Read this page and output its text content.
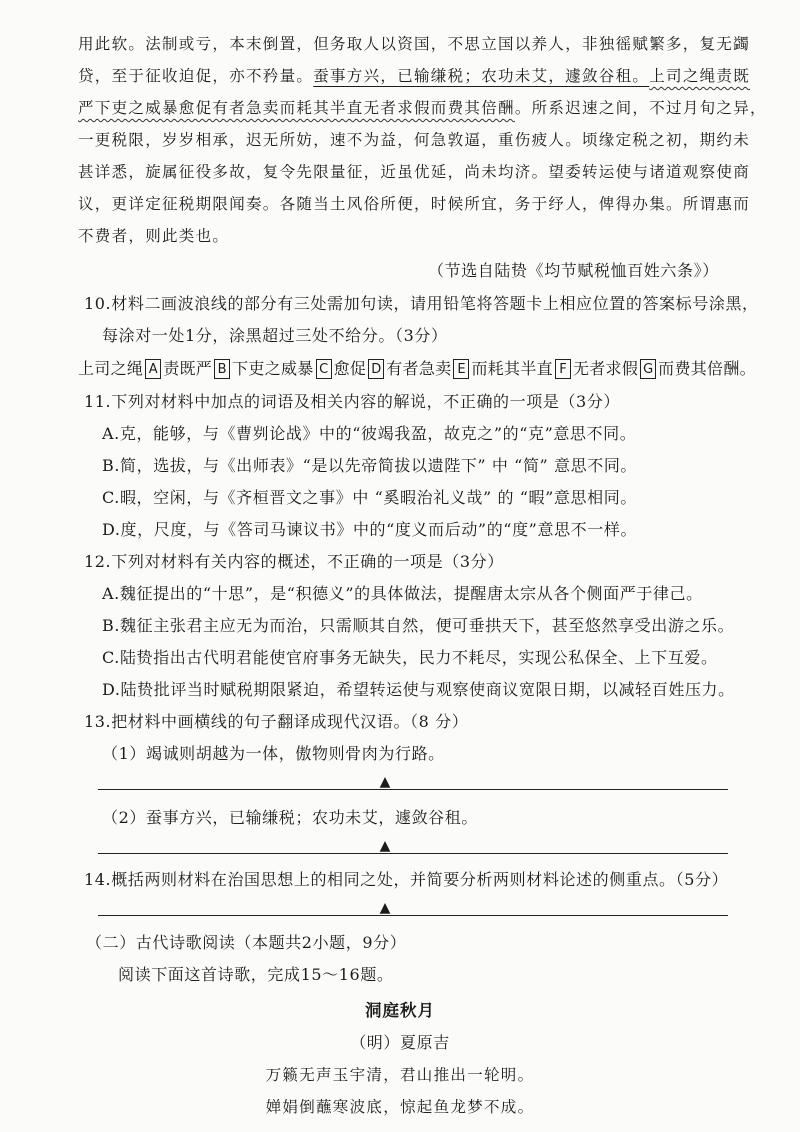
用此软。法制或亏，本末倒置，但务取人以资国，不思立国以养人，非独徭赋繁多，复无蠲
贷，至于征收迫促，亦不矜量。蚕事方兴，已输缣税；农功未艾，遽敛谷租。上司之绳责既
严下吏之威暴愈促有者急卖而耗其半直无者求假而费其倍酬。所系迟速之间，不过月旬之异，
一更税限，岁岁相承，迟无所妨，速不为益，何急敦逼，重伤疲人。顷缘定税之初，期约未
甚详悉，旋属征役多故，复令先限量征，近虽优延，尚未均济。望委转运使与诸道观察使商
议，更详定征税期限闻奏。各随当土风俗所便，时候所宜，务于纾人，俾得办集。所谓惠而
不费者，则此类也。
（节选自陆贽《均节赋税恤百姓六条》）
10.材料二画波浪线的部分有三处需加句读，请用铅笔将答题卡上相应位置的答案标号涂黑，
每涂对一处1分，涂黑超过三处不给分。（3分）
上司之绳 A 责既严 B 下吏之威暴 C 愈促 D 有者急卖 E 而耗其半直 F 无者求假 G 而费其倍酬。
11.下列对材料中加点的词语及相关内容的解说，不正确的一项是（3分）
A.克，能够，与《曹刿论战》中的“彼竭我盈，故克之”的“克”意思不同。
B.简，选拔，与《出师表》“是以先帝简拔以遗陛下” 中 “简” 意思不同。
C.暇，空闲，与《齐桓晋文之事》中 “奚暇治礼义哉” 的 “暇”意思相同。
D.度，尺度，与《答司马谏议书》中的“度义而后动”的“度”意思不一样。
12.下列对材料有关内容的概述，不正确的一项是（3分）
A.魏征提出的“十思”，是“积德义”的具体做法，提醒唐太宗从各个侧面严于律己。
B.魏征主张君主应无为而治，只需顺其自然，便可垂拱天下，甚至悠然享受出游之乐。
C.陆贽指出古代明君能使官府事务无缺失，民力不耗尽，实现公私保全、上下互爱。
D.陆贽批评当时赋税期限紧迫，希望转运使与观察使商议宽限日期，以减轻百姓压力。
13.把材料中画横线的句子翻译成现代汉语。（8 分）
（1）竭诚则胡越为一体，傲物则骨肉为行路。
▲
（2）蚕事方兴，已输缣税；农功未艾，遽敛谷租。
▲
14.概括两则材料在治国思想上的相同之处，并简要分析两则材料论述的侧重点。（5分）
▲
（二）古代诗歌阅读（本题共2小题，9分）
阅读下面这首诗歌，完成15～16题。
洞庭秋月
（明）夏原吉
万籁无声玉宇清，君山推出一轮明。
婵娟倒蘸寒波底，惊起鱼龙梦不成。
